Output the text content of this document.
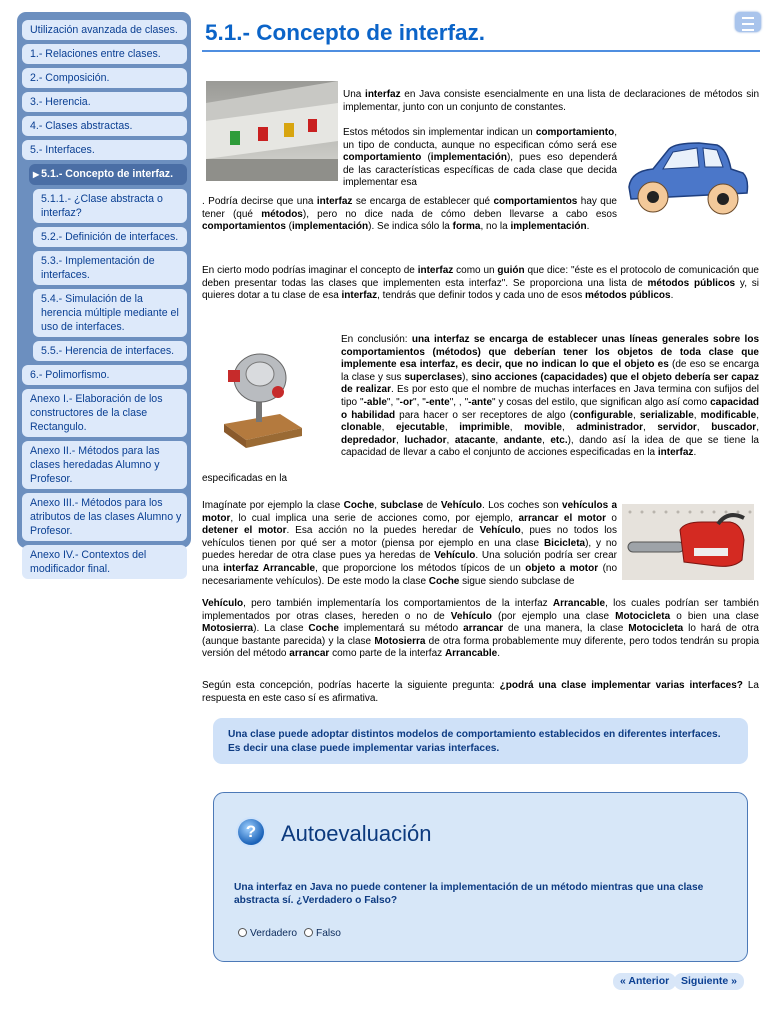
Utilización avanzada de clases.
1.- Relaciones entre clases.
2.- Composición.
3.- Herencia.
4.- Clases abstractas.
5.- Interfaces.
▶ 5.1.- Concepto de interfaz.
5.1.1.- ¿Clase abstracta o interfaz?
5.2.- Definición de interfaces.
5.3.- Implementación de interfaces.
5.4.- Simulación de la herencia múltiple mediante el uso de interfaces.
5.5.- Herencia de interfaces.
6.- Polimorfismo.
Anexo I.- Elaboración de los constructores de la clase Rectangulo.
Anexo II.- Métodos para las clases heredadas Alumno y Profesor.
Anexo III.- Métodos para los atributos de las clases Alumno y Profesor.
Anexo IV.- Contextos del modificador final.
5.1.- Concepto de interfaz.

Una interfaz en Java consiste esencialmente en una lista de declaraciones de métodos sin implementar, junto con un conjunto de constantes.

Estos métodos sin implementar indican un comportamiento, un tipo de conducta, aunque no especifican cómo será ese comportamiento (implementación), pues eso dependerá de las características específicas de cada clase que decida implementar esa

. Podría decirse que una interfaz se encarga de establecer qué comportamientos hay que tener (qué métodos), pero no dice nada de cómo deben llevarse a cabo esos comportamientos (implementación). Se indica sólo la forma, no la implementación.

En cierto modo podrías imaginar el concepto de interfaz como un guión que dice: "éste es el protocolo de comunicación que deben presentar todas las clases que implementen esta interfaz". Se proporciona una lista de métodos públicos y, si quieres dotar a tu clase de esa interfaz, tendrás que definir todos y cada uno de esos métodos públicos.

En conclusión: una interfaz se encarga de establecer unas líneas generales sobre los comportamientos (métodos) que deberían tener los objetos de toda clase que implemente esa interfaz, es decir, que no indican lo que el objeto es (de eso se encarga la clase y sus superclases), sino acciones (capacidades) que el objeto debería ser capaz de realizar. Es por esto que el nombre de muchas interfaces en Java termina con sufijos del tipo "-able", "-or", "-ente", , "-ante" y cosas del estilo, que significan algo así como capacidad o habilidad para hacer o ser receptores de algo (configurable, serializable, modificable, clonable, ejecutable, imprimible, movible, administrador, servidor, buscador, depredador, luchador, atacante, andante, etc.), dando así la idea de que se tiene la capacidad de llevar a cabo el conjunto de acciones especificadas en la interfaz.

especificadas en la

Imagínate por ejemplo la clase Coche, subclase de Vehículo. Los coches son vehículos a motor, lo cual implica una serie de acciones como, por ejemplo, arrancar el motor o detener el motor. Esa acción no la puedes heredar de Vehículo, pues no todos los vehículos tienen por qué ser a motor (piensa por ejemplo en una clase Bicicleta), y no puedes heredar de otra clase pues ya heredas de Vehículo. Una solución podría ser crear una interfaz Arrancable, que proporcione los métodos típicos de un objeto a motor (no necesariamente vehículos). De este modo la clase Coche sigue siendo subclase de

Vehículo, pero también implementaría los comportamientos de la interfaz Arrancable, los cuales podrían ser también implementados por otras clases, hereden o no de Vehículo (por ejemplo una clase Motocicleta o bien una clase Motosierra). La clase Coche implementará su método arrancar de una manera, la clase Motocicleta lo hará de otra (aunque bastante parecida) y la clase Motosierra de otra forma probablemente muy diferente, pero todos tendrán su propia versión del método arrancar como parte de la interfaz Arrancable.

Según esta concepción, podrías hacerte la siguiente pregunta: ¿podrá una clase implementar varias interfaces? La respuesta en este caso sí es afirmativa.

Una clase puede adoptar distintos modelos de comportamiento establecidos en diferentes interfaces.
Es decir una clase puede implementar varias interfaces.

?	Autoevaluación
Una interfaz en Java no puede contener la implementación de un método mientras que una clase abstracta sí. ¿Verdadero o Falso?
Verdadero	Falso
« Anterior	Siguiente »
